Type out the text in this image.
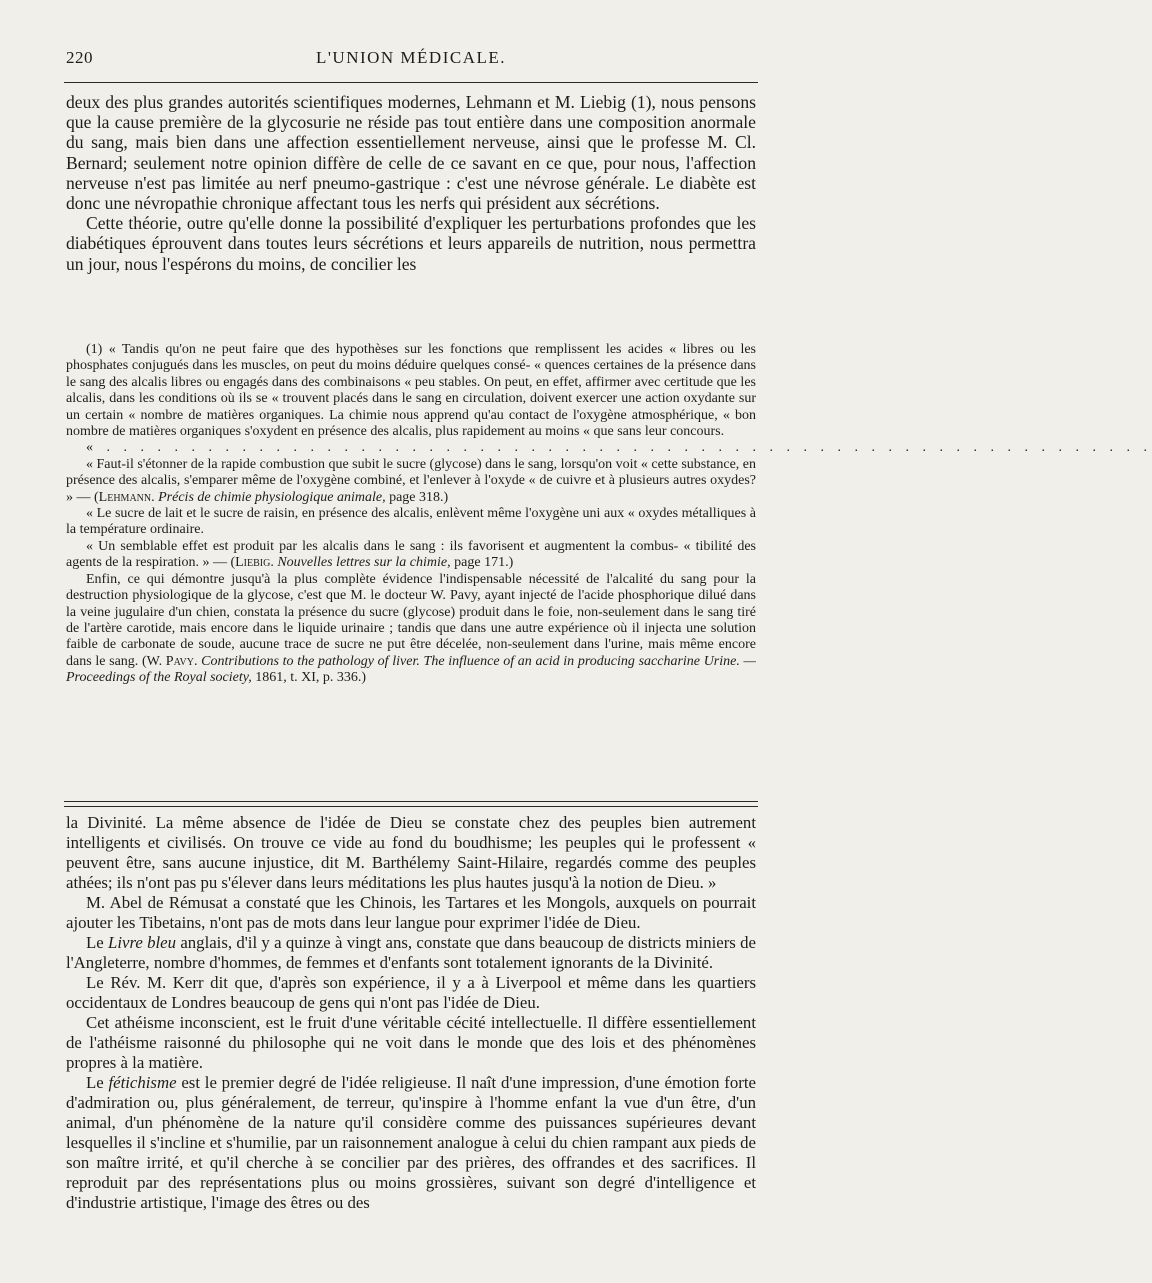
220	L'UNION MÉDICALE.

deux des plus grandes autorités scientifiques modernes, Lehmann et M. Liebig (1), nous pensons que la cause première de la glycosurie ne réside pas tout entière dans une composition anormale du sang, mais bien dans une affection essentiellement nerveuse, ainsi que le professe M. Cl. Bernard; seulement notre opinion diffère de celle de ce savant en ce que, pour nous, l'affection nerveuse n'est pas limitée au nerf pneumo-gastrique : c'est une névrose générale. Le diabète est donc une névropathie chronique affectant tous les nerfs qui président aux sécrétions.

Cette théorie, outre qu'elle donne la possibilité d'expliquer les perturbations profondes que les diabétiques éprouvent dans toutes leurs sécrétions et leurs appareils de nutrition, nous permettra un jour, nous l'espérons du moins, de concilier les

(1) « Tandis qu'on ne peut faire que des hypothèses sur les fonctions que remplissent les acides « libres ou les phosphates conjugués dans les muscles, on peut du moins déduire quelques consé- « quences certaines de la présence dans le sang des alcalis libres ou engagés dans des combinaisons « peu stables. On peut, en effet, affirmer avec certitude que les alcalis, dans les conditions où ils se « trouvent placés dans le sang en circulation, doivent exercer une action oxydante sur un certain « nombre de matières organiques. La chimie nous apprend qu'au contact de l'oxygène atmosphérique, « bon nombre de matières organiques s'oxydent en présence des alcalis, plus rapidement au moins « que sans leur concours.

« . . . . . . . . . . . . . . . . . . . . . . . . . . . . . . . . . . . . . . . . . . . . . . . . . . . . . . . . . . . . . .

« Faut-il s'étonner de la rapide combustion que subit le sucre (glycose) dans le sang, lorsqu'on voit « cette substance, en présence des alcalis, s'emparer même de l'oxygène combiné, et l'enlever à l'oxyde « de cuivre et à plusieurs autres oxydes? » — (Lehmann. Précis de chimie physiologique animale, page 318.)

« Le sucre de lait et le sucre de raisin, en présence des alcalis, enlèvent même l'oxygène uni aux « oxydes métalliques à la température ordinaire.

« Un semblable effet est produit par les alcalis dans le sang : ils favorisent et augmentent la combus- « tibilité des agents de la respiration. » — (Liebig. Nouvelles lettres sur la chimie, page 171.)

Enfin, ce qui démontre jusqu'à la plus complète évidence l'indispensable nécessité de l'alcalité du sang pour la destruction physiologique de la glycose, c'est que M. le docteur W. Pavy, ayant injecté de l'acide phosphorique dilué dans la veine jugulaire d'un chien, constata la présence du sucre (glycose) produit dans le foie, non-seulement dans le sang tiré de l'artère carotide, mais encore dans le liquide urinaire ; tandis que dans une autre expérience où il injecta une solution faible de carbonate de soude, aucune trace de sucre ne put être décelée, non-seulement dans l'urine, mais même encore dans le sang. (W. Pavy. Contributions to the pathology of liver. The influence of an acid in producing saccharine Urine. — Proceedings of the Royal society, 1861, t. XI, p. 336.)

la Divinité. La même absence de l'idée de Dieu se constate chez des peuples bien autrement intelligents et civilisés. On trouve ce vide au fond du boudhisme; les peuples qui le professent « peuvent être, sans aucune injustice, dit M. Barthélemy Saint-Hilaire, regardés comme des peuples athées; ils n'ont pas pu s'élever dans leurs méditations les plus hautes jusqu'à la notion de Dieu. »

M. Abel de Rémusat a constaté que les Chinois, les Tartares et les Mongols, auxquels on pourrait ajouter les Tibetains, n'ont pas de mots dans leur langue pour exprimer l'idée de Dieu.

Le Livre bleu anglais, d'il y a quinze à vingt ans, constate que dans beaucoup de districts miniers de l'Angleterre, nombre d'hommes, de femmes et d'enfants sont totalement ignorants de la Divinité.

Le Rév. M. Kerr dit que, d'après son expérience, il y a à Liverpool et même dans les quartiers occidentaux de Londres beaucoup de gens qui n'ont pas l'idée de Dieu.

Cet athéisme inconscient, est le fruit d'une véritable cécité intellectuelle. Il diffère essentiellement de l'athéisme raisonné du philosophe qui ne voit dans le monde que des lois et des phénomènes propres à la matière.

Le fétichisme est le premier degré de l'idée religieuse. Il naît d'une impression, d'une émotion forte d'admiration ou, plus généralement, de terreur, qu'inspire à l'homme enfant la vue d'un être, d'un animal, d'un phénomène de la nature qu'il considère comme des puissances supérieures devant lesquelles il s'incline et s'humilie, par un raisonnement analogue à celui du chien rampant aux pieds de son maître irrité, et qu'il cherche à se concilier par des prières, des offrandes et des sacrifices. Il reproduit par des représentations plus ou moins grossières, suivant son degré d'intelligence et d'industrie artistique, l'image des êtres ou des
